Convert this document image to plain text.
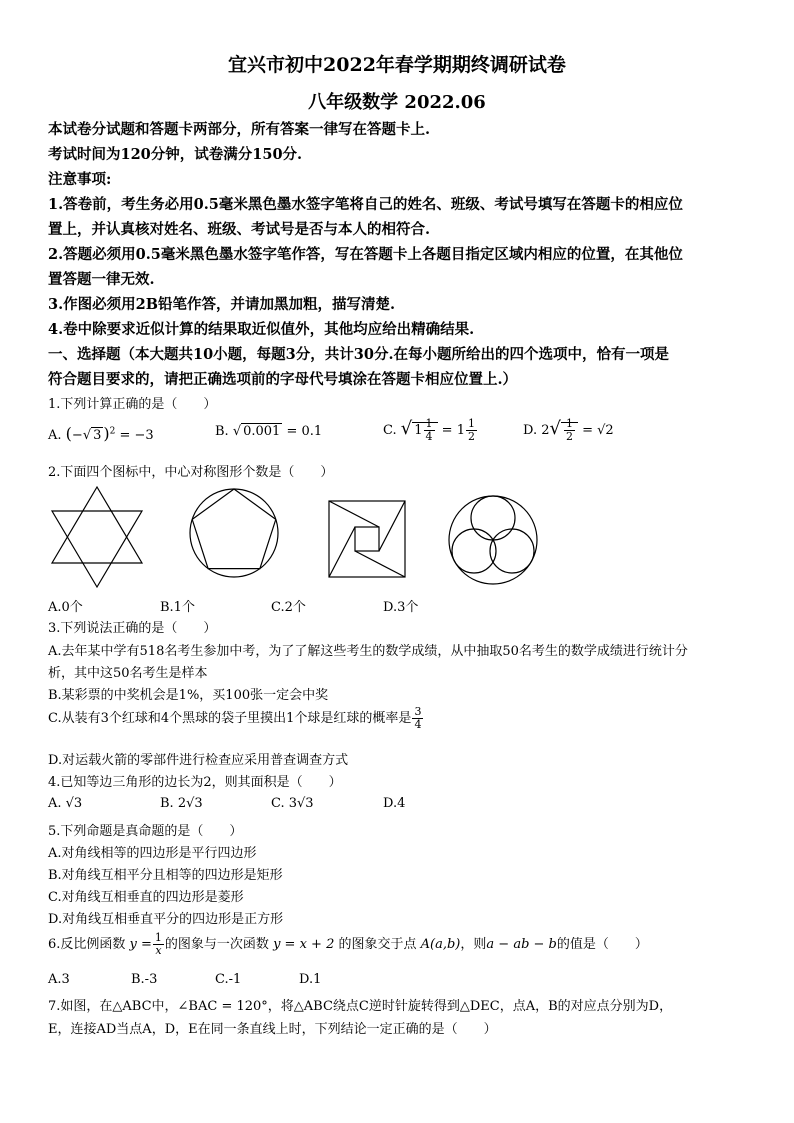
宜兴市初中2022年春学期期终调研试卷
八年级数学 2022.06
本试卷分试题和答题卡两部分，所有答案一律写在答题卡上.
考试时间为120分钟，试卷满分150分.
注意事项:
1.答卷前，考生务必用0.5毫米黑色墨水签字笔将自己的姓名、班级、考试号填写在答题卡的相应位
置上，并认真核对姓名、班级、考试号是否与本人的相符合.
2.答题必须用0.5毫米黑色墨水签字笔作答，写在答题卡上各题目指定区域内相应的位置，在其他位
置答题一律无效.
3.作图必须用2B铅笔作答，并请加黑加粗，描写清楚.
4.卷中除要求近似计算的结果取近似值外，其他均应给出精确结果.
一、选择题（本大题共10小题，每题3分，共计30分.在每小题所给出的四个选项中，恰有一项是
符合题目要求的，请把正确选项前的字母代号填涂在答题卡相应位置上.）
1.下列计算正确的是（　　）
A. (−√ 3 )$^2$ = −3	B. √ 0.001 = 0.1	C. √ $1 \frac{1}{4} = 1 \frac{1}{2}$	D. $2√ \frac{1}{2} = √2$
2.下面四个图标中，中心对称图形个数是（　　）
A.0个	B.1个	C.2个	D.3个
3.下列说法正确的是（　　）
A.去年某中学有518名考生参加中考，为了了解这些考生的数学成绩，从中抽取50名考生的数学成绩进行统计分
析，其中这50名考生是样本
B.某彩票的中奖机会是1%，买100张一定会中奖
C.从装有3个红球和4个黑球的袋子里摸出1个球是红球的概率是 $\frac{3}{4}$
D.对运载火箭的零部件进行检查应采用普查调查方式
4.已知等边三角形的边长为2，则其面积是（　　）
A. √3	B. 2√3	C. 3√3	D.4
5.下列命题是真命题的是（　　）
A.对角线相等的四边形是平行四边形
B.对角线互相平分且相等的四边形是矩形
C.对角线互相垂直的四边形是菱形
D.对角线互相垂直平分的四边形是正方形
6.反比例函数 $y = \frac{1}{x}$ 的图象与一次函数 y = x + 2 的图象交于点 A(a,b)，则a − ab − b的值是（　　）
A.3	B.-3	C.-1	D.1
7.如图，在△ABC中，∠BAC = 120°，将△ABC绕点C逆时针旋转得到△DEC，点A，B的对应点分别为D，
E，连接AD当点A，D，E在同一条直线上时，下列结论一定正确的是（　　）
